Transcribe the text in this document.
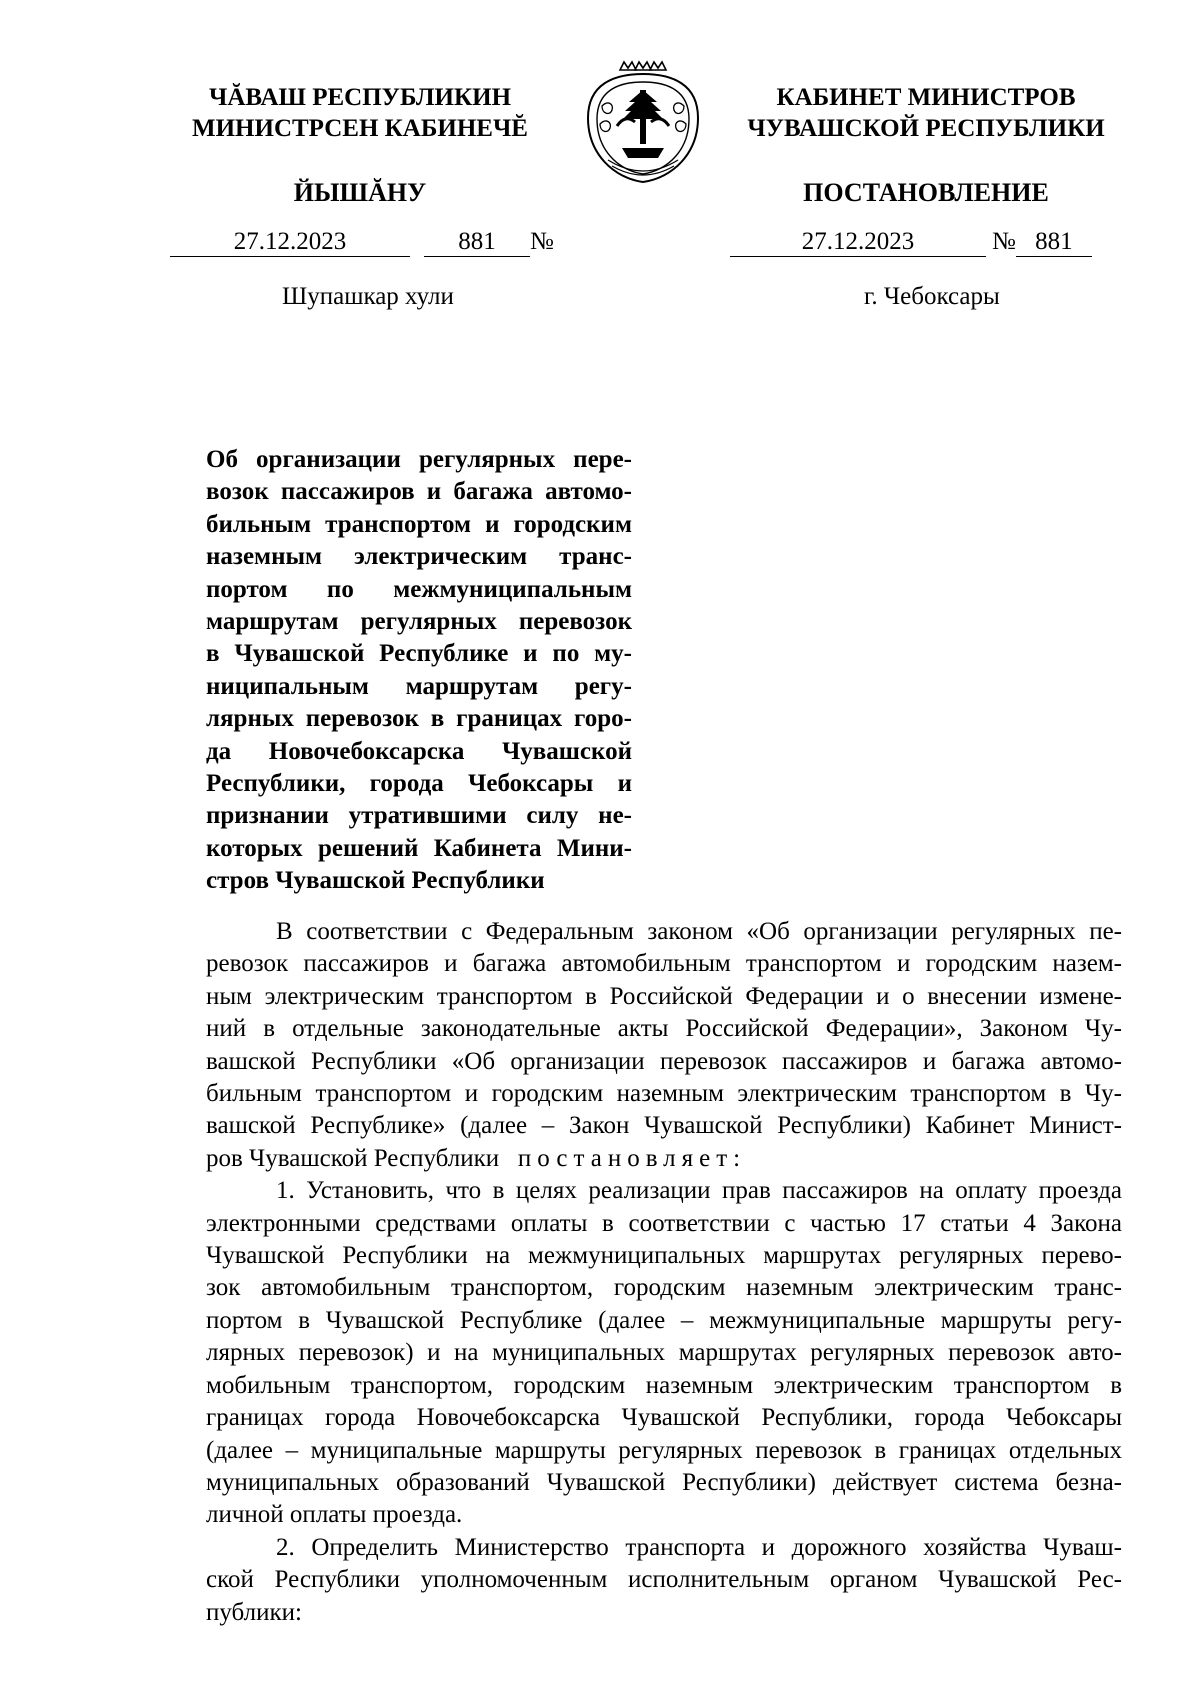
ЧĂВАШ РЕСПУБЛИКИН
МИНИСТРСЕН КАБИНЕЧĔ
ЙЫШĂНУ
КАБИНЕТ МИНИСТРОВ
ЧУВАШСКОЙ РЕСПУБЛИКИ
ПОСТАНОВЛЕНИЕ
27.12.2023	881 №	27.12.2023	№ 881
Шупашкар хули	г. Чебоксары
Об организации регулярных пере-
возок пассажиров и багажа автомо-
бильным транспортом и городским
наземным электрическим транс-
портом по межмуниципальным
маршрутам регулярных перевозок
в Чувашской Республике и по му-
ниципальным маршрутам регу-
лярных перевозок в границах горо-
да Новочебоксарска Чувашской
Республики, города Чебоксары и
признании утратившими силу не-
которых решений Кабинета Мини-
стров Чувашской Республики
В соответствии с Федеральным законом «Об организации регулярных пе-
ревозок пассажиров и багажа автомобильным транспортом и городским назем-
ным электрическим транспортом в Российской Федерации и о внесении измене-
ний в отдельные законодательные акты Российской Федерации», Законом Чу-
вашской Республики «Об организации перевозок пассажиров и багажа автомо-
бильным транспортом и городским наземным электрическим транспортом в Чу-
вашской Республике» (далее – Закон Чувашской Республики) Кабинет Минист-
ров Чувашской Республики постановляет:
1. Установить, что в целях реализации прав пассажиров на оплату проезда
электронными средствами оплаты в соответствии с частью 17 статьи 4 Закона
Чувашской Республики на межмуниципальных маршрутах регулярных перево-
зок автомобильным транспортом, городским наземным электрическим транс-
портом в Чувашской Республике (далее – межмуниципальные маршруты регу-
лярных перевозок) и на муниципальных маршрутах регулярных перевозок авто-
мобильным транспортом, городским наземным электрическим транспортом в
границах города Новочебоксарска Чувашской Республики, города Чебоксары
(далее – муниципальные маршруты регулярных перевозок в границах отдельных
муниципальных образований Чувашской Республики) действует система безна-
личной оплаты проезда.
2. Определить Министерство транспорта и дорожного хозяйства Чуваш-
ской Республики уполномоченным исполнительным органом Чувашской Рес-
публики:
